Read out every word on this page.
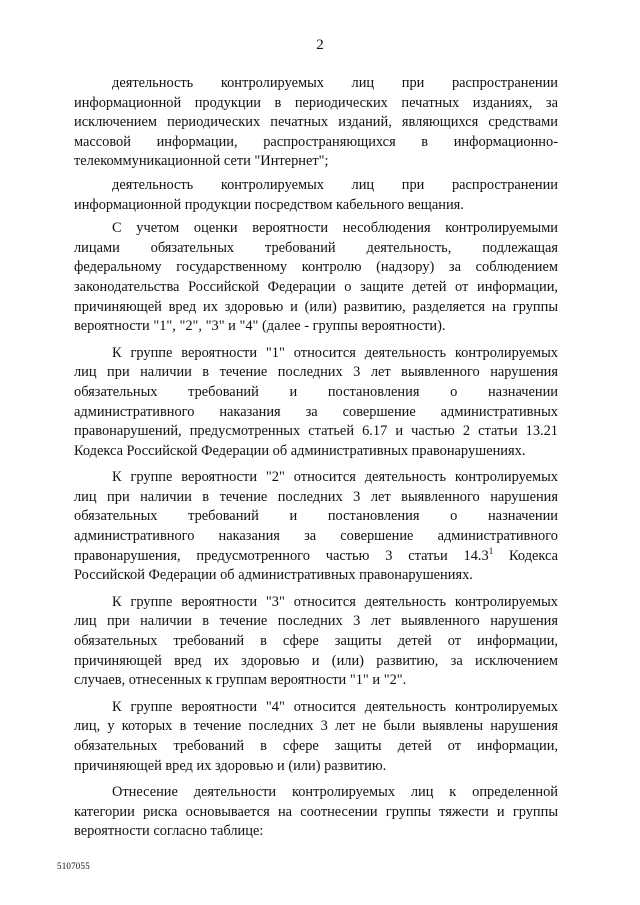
2
деятельность контролируемых лиц при распространении
информационной продукции в периодических печатных изданиях, за
исключением периодических печатных изданий, являющихся средствами
массовой информации, распространяющихся в информационно-
телекоммуникационной сети "Интернет";
деятельность контролируемых лиц при распространении
информационной продукции посредством кабельного вещания.
С учетом оценки вероятности несоблюдения контролируемыми
лицами обязательных требований деятельность, подлежащая
федеральному государственному контролю (надзору) за соблюдением
законодательства Российской Федерации о защите детей от информации,
причиняющей вред их здоровью и (или) развитию, разделяется на группы
вероятности "1", "2", "3" и "4" (далее - группы вероятности).
К группе вероятности "1" относится деятельность контролируемых
лиц при наличии в течение последних 3 лет выявленного нарушения
обязательных требований и постановления о назначении
административного наказания за совершение административных
правонарушений, предусмотренных статьей 6.17 и частью 2 статьи 13.21
Кодекса Российской Федерации об административных правонарушениях.
К группе вероятности "2" относится деятельность контролируемых
лиц при наличии в течение последних 3 лет выявленного нарушения
обязательных требований и постановления о назначении
административного наказания за совершение административного
правонарушения, предусмотренного частью 3 статьи 14.3$^1$ Кодекса
Российской Федерации об административных правонарушениях.
К группе вероятности "3" относится деятельность контролируемых
лиц при наличии в течение последних 3 лет выявленного нарушения
обязательных требований в сфере защиты детей от информации,
причиняющей вред их здоровью и (или) развитию, за исключением
случаев, отнесенных к группам вероятности "1" и "2".
К группе вероятности "4" относится деятельность контролируемых
лиц, у которых в течение последних 3 лет не были выявлены нарушения
обязательных требований в сфере защиты детей от информации,
причиняющей вред их здоровью и (или) развитию.
Отнесение деятельности контролируемых лиц к определенной
категории риска основывается на соотнесении группы тяжести и группы
вероятности согласно таблице:
5107055
